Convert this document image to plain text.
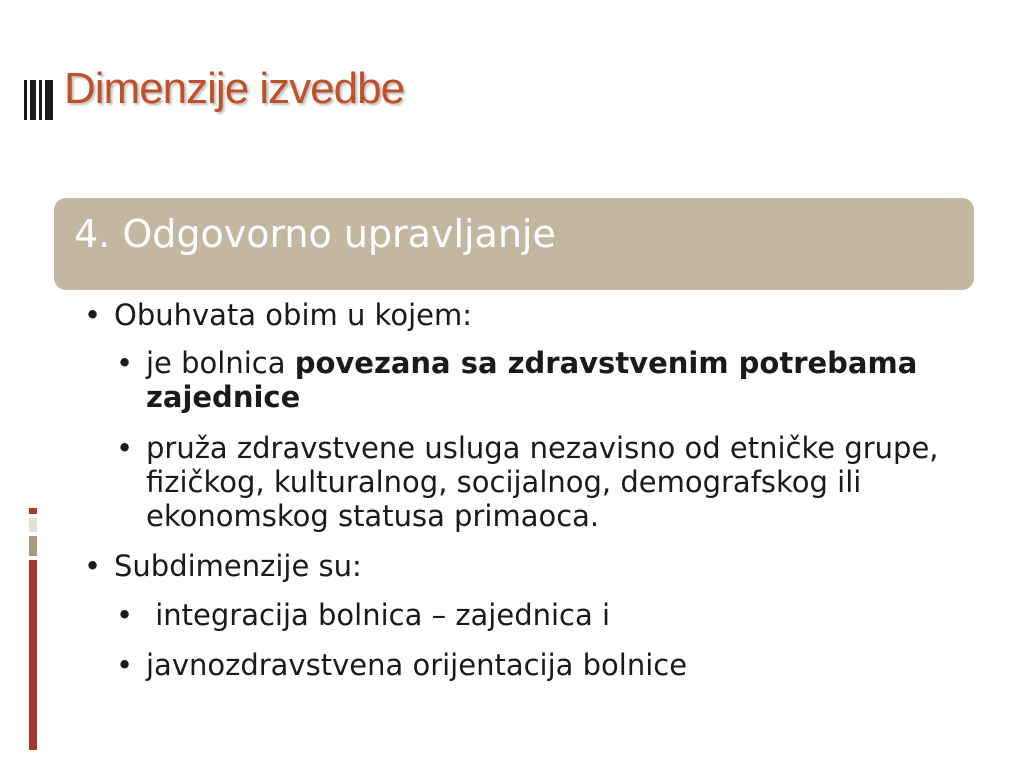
Dimenzije izvedbe
4. Odgovorno upravljanje

• Obuhvata obim u kojem:

• je bolnica povezana sa zdravstvenim potrebama zajednice

• pruža zdravstvene usluga nezavisno od etničke grupe, fizičkog, kulturalnog, socijalnog, demografskog ili ekonomskog statusa primaoca.

• Subdimenzije su:

•  integracija bolnica – zajednica i

• javnozdravstvena orijentacija bolnice
